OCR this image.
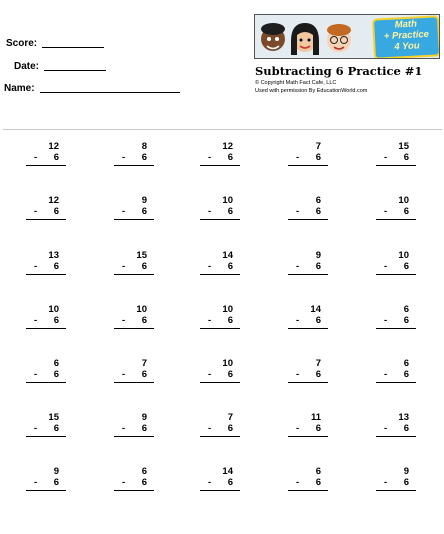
Score:
Date:
Name:
Math
+ Practice
4 You
Subtracting 6 Practice #1
© Copyright Math Fact Cafe, LLC
Used with permission By EducationWorld.com
12
- 6
8
- 6
12
- 6
7
- 6
15
- 6
12
- 6
9
- 6
10
- 6
6
- 6
10
- 6
13
- 6
15
- 6
14
- 6
9
- 6
10
- 6
10
- 6
10
- 6
10
- 6
14
- 6
6
- 6
6
- 6
7
- 6
10
- 6
7
- 6
6
- 6
15
- 6
9
- 6
7
- 6
11
- 6
13
- 6
9
- 6
6
- 6
14
- 6
6
- 6
9
- 6
